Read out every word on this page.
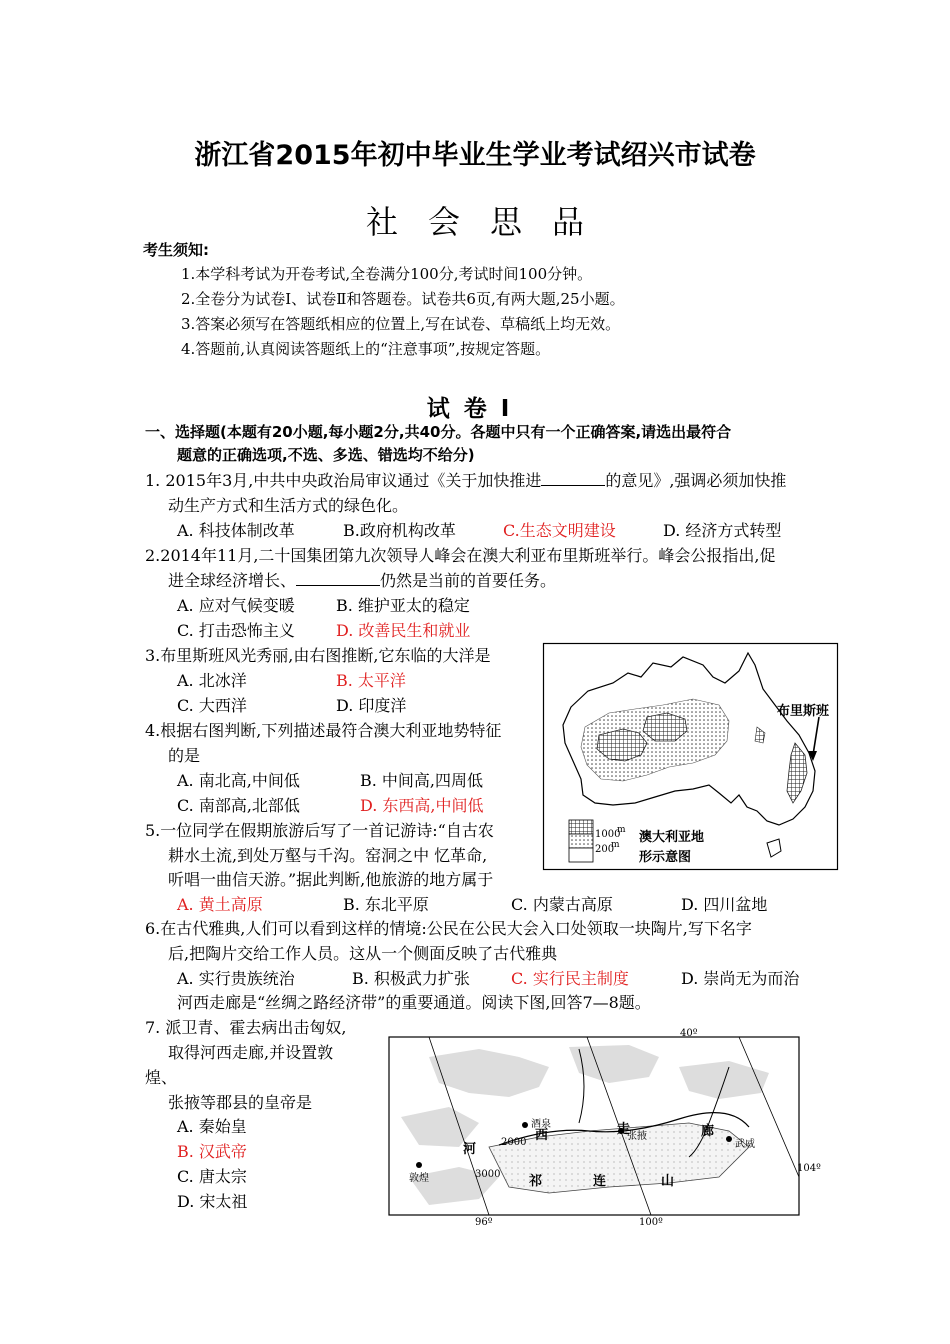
浙江省2015年初中毕业生学业考试绍兴市试卷
社会思品
考生须知:
1.本学科考试为开卷考试,全卷满分100分,考试时间100分钟。
2.全卷分为试卷Ⅰ、试卷Ⅱ和答题卷。试卷共6页,有两大题,25小题。
3.答案必须写在答题纸相应的位置上,写在试卷、草稿纸上均无效。
4.答题前,认真阅读答题纸上的“注意事项”,按规定答题。
试卷Ⅰ
一、选择题(本题有20小题,每小题2分,共40分。各题中只有一个正确答案,请选出最符合
题意的正确选项,不选、多选、错选均不给分)
1. 2015年3月,中共中央政治局审议通过《关于加快推进	的意见》,强调必须加快推
动生产方式和生活方式的绿色化。
A. 科技体制改革	B.政府机构改革	C.生态文明建设	D. 经济方式转型
2.2014年11月,二十国集团第九次领导人峰会在澳大利亚布里斯班举行。峰会公报指出,促
进全球经济增长、	仍然是当前的首要任务。
A. 应对气候变暖	B. 维护亚太的稳定
C. 打击恐怖主义	D. 改善民生和就业
3.布里斯班风光秀丽,由右图推断,它东临的大洋是
A. 北冰洋	B. 太平洋
C. 大西洋	D. 印度洋
4.根据右图判断,下列描述最符合澳大利亚地势特征
的是
A. 南北高,中间低	B. 中间高,四周低
C. 南部高,北部低	D. 东西高,中间低
5.一位同学在假期旅游后写了一首记游诗:“自古农
耕水土流,到处万壑与千沟。窑洞之中 忆革命,
听唱一曲信天游。”据此判断,他旅游的地方属于
A. 黄土高原	B. 东北平原	C. 内蒙古高原	D. 四川盆地
6.在古代雅典,人们可以看到这样的情境:公民在公民大会入口处领取一块陶片,写下名字
后,把陶片交给工作人员。这从一个侧面反映了古代雅典
A. 实行贵族统治	B. 积极武力扩张	C. 实行民主制度	D. 崇尚无为而治
河西走廊是“丝绸之路经济带”的重要通道。阅读下图,回答7—8题。
7. 派卫青、霍去病出击匈奴,
取得河西走廊,并设置敦
煌、
张掖等郡县的皇帝是
A. 秦始皇
B. 汉武帝
C. 唐太宗
D. 宋太祖
布里斯班
1000
m
200
m 澳大利亚地
形示意图
40º
104º
96º	100º
酒泉
张掖
武威
敦煌
河
西	走	廊
祁	连	山
2000
3000
